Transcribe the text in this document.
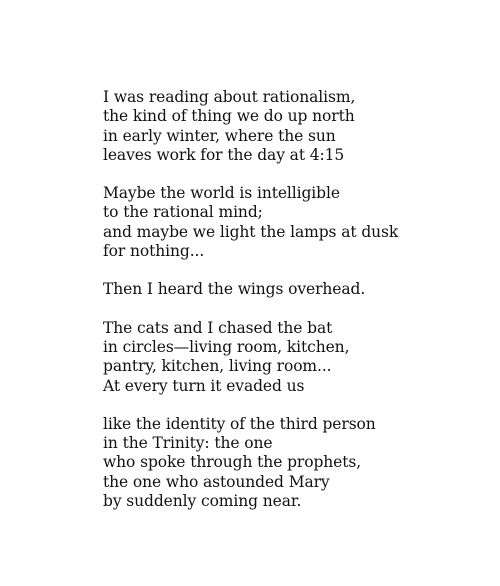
I was reading about rationalism,
the kind of thing we do up north
in early winter, where the sun
leaves work for the day at 4:15
Maybe the world is intelligible
to the rational mind;
and maybe we light the lamps at dusk
for nothing...
Then I heard the wings overhead.
The cats and I chased the bat
in circles—living room, kitchen,
pantry, kitchen, living room...
At every turn it evaded us
like the identity of the third person
in the Trinity: the one
who spoke through the prophets,
the one who astounded Mary
by suddenly coming near.
